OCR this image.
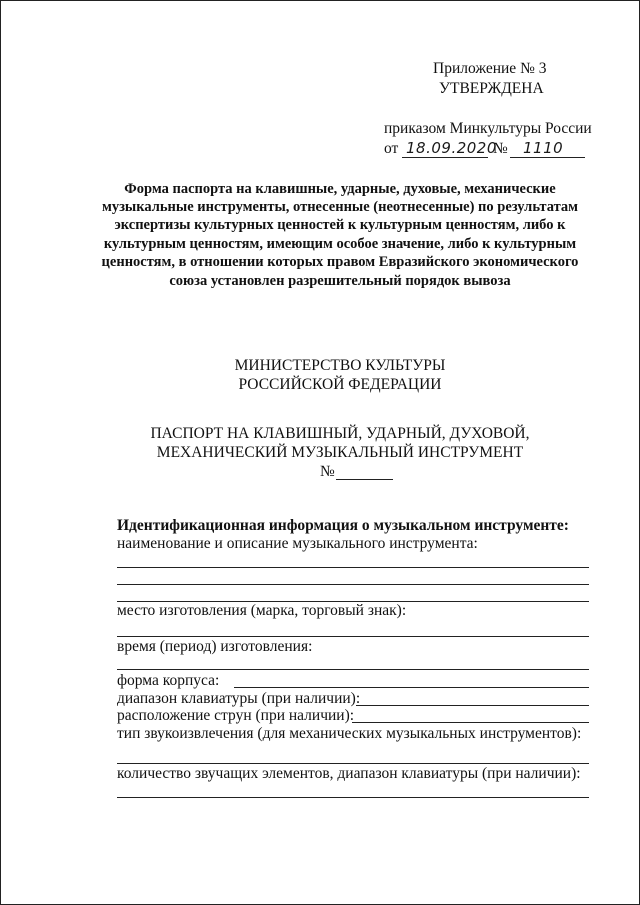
Приложение № 3
УТВЕРЖДЕНА
приказом Минкультуры России
от 18.09.2020
№ 1110
Форма паспорта на клавишные, ударные, духовые, механические
музыкальные инструменты, отнесенные (неотнесенные) по результатам
экспертизы культурных ценностей к культурным ценностям, либо к
культурным ценностям, имеющим особое значение, либо к культурным
ценностям, в отношении которых правом Евразийского экономического
союза установлен разрешительный порядок вывоза
МИНИСТЕРСТВО КУЛЬТУРЫ
РОССИЙСКОЙ ФЕДЕРАЦИИ
ПАСПОРТ НА КЛАВИШНЫЙ, УДАРНЫЙ, ДУХОВОЙ,
МЕХАНИЧЕСКИЙ МУЗЫКАЛЬНЫЙ ИНСТРУМЕНТ
№
Идентификационная информация о музыкальном инструменте:
наименование и описание музыкального инструмента:
место изготовления (марка, торговый знак):
время (период) изготовления:
форма корпуса:
диапазон клавиатуры (при наличии):
расположение струн (при наличии):
тип звукоизвлечения (для механических музыкальных инструментов):
количество звучащих элементов, диапазон клавиатуры (при наличии):
